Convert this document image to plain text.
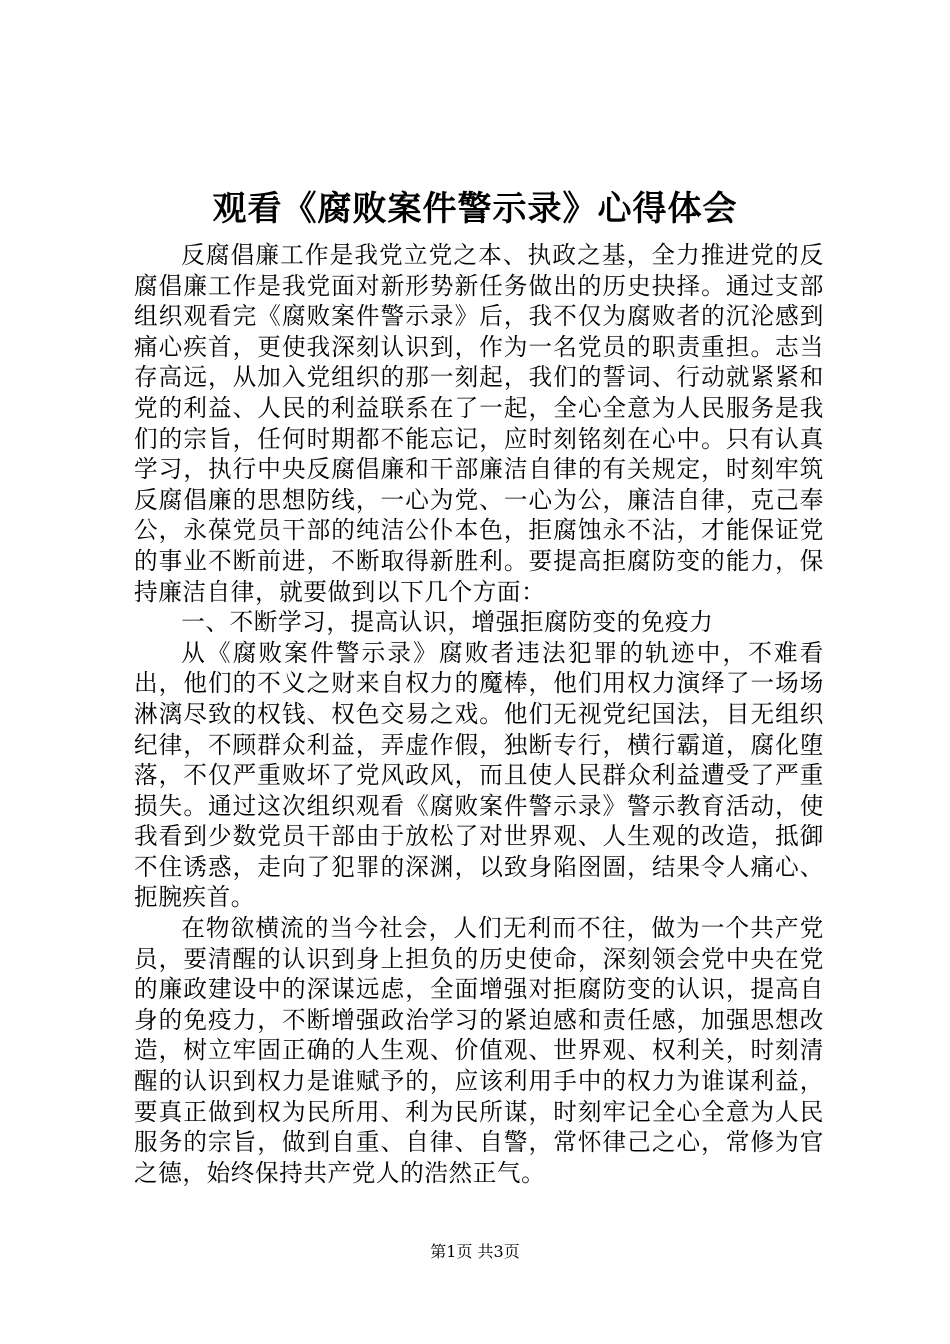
观看《腐败案件警示录》心得体会

反腐倡廉工作是我党立党之本、执政之基，全力推进党的反腐倡廉工作是我党面对新形势新任务做出的历史抉择。通过支部组织观看完《腐败案件警示录》后，我不仅为腐败者的沉沦感到痛心疾首，更使我深刻认识到，作为一名党员的职责重担。志当存高远，从加入党组织的那一刻起，我们的誓词、行动就紧紧和党的利益、人民的利益联系在了一起，全心全意为人民服务是我们的宗旨，任何时期都不能忘记，应时刻铭刻在心中。只有认真学习，执行中央反腐倡廉和干部廉洁自律的有关规定，时刻牢筑反腐倡廉的思想防线，一心为党、一心为公，廉洁自律，克己奉公，永葆党员干部的纯洁公仆本色，拒腐蚀永不沾，才能保证党的事业不断前进，不断取得新胜利。要提高拒腐防变的能力，保持廉洁自律，就要做到以下几个方面：

一、不断学习，提高认识，增强拒腐防变的免疫力

从《腐败案件警示录》腐败者违法犯罪的轨迹中，不难看出，他们的不义之财来自权力的魔棒，他们用权力演绎了一场场淋漓尽致的权钱、权色交易之戏。他们无视党纪国法，目无组织纪律，不顾群众利益，弄虚作假，独断专行，横行霸道，腐化堕落，不仅严重败坏了党风政风，而且使人民群众利益遭受了严重损失。通过这次组织观看《腐败案件警示录》警示教育活动，使我看到少数党员干部由于放松了对世界观、人生观的改造，抵御不住诱惑，走向了犯罪的深渊，以致身陷囹圄，结果令人痛心、扼腕疾首。

在物欲横流的当今社会，人们无利而不往，做为一个共产党员，要清醒的认识到身上担负的历史使命，深刻领会党中央在党的廉政建设中的深谋远虑，全面增强对拒腐防变的认识，提高自身的免疫力，不断增强政治学习的紧迫感和责任感，加强思想改造，树立牢固正确的人生观、价值观、世界观、权利关，时刻清醒的认识到权力是谁赋予的，应该利用手中的权力为谁谋利益，要真正做到权为民所用、利为民所谋，时刻牢记全心全意为人民服务的宗旨，做到自重、自律、自警，常怀律己之心，常修为官之德，始终保持共产党人的浩然正气。

第1页 共3页
